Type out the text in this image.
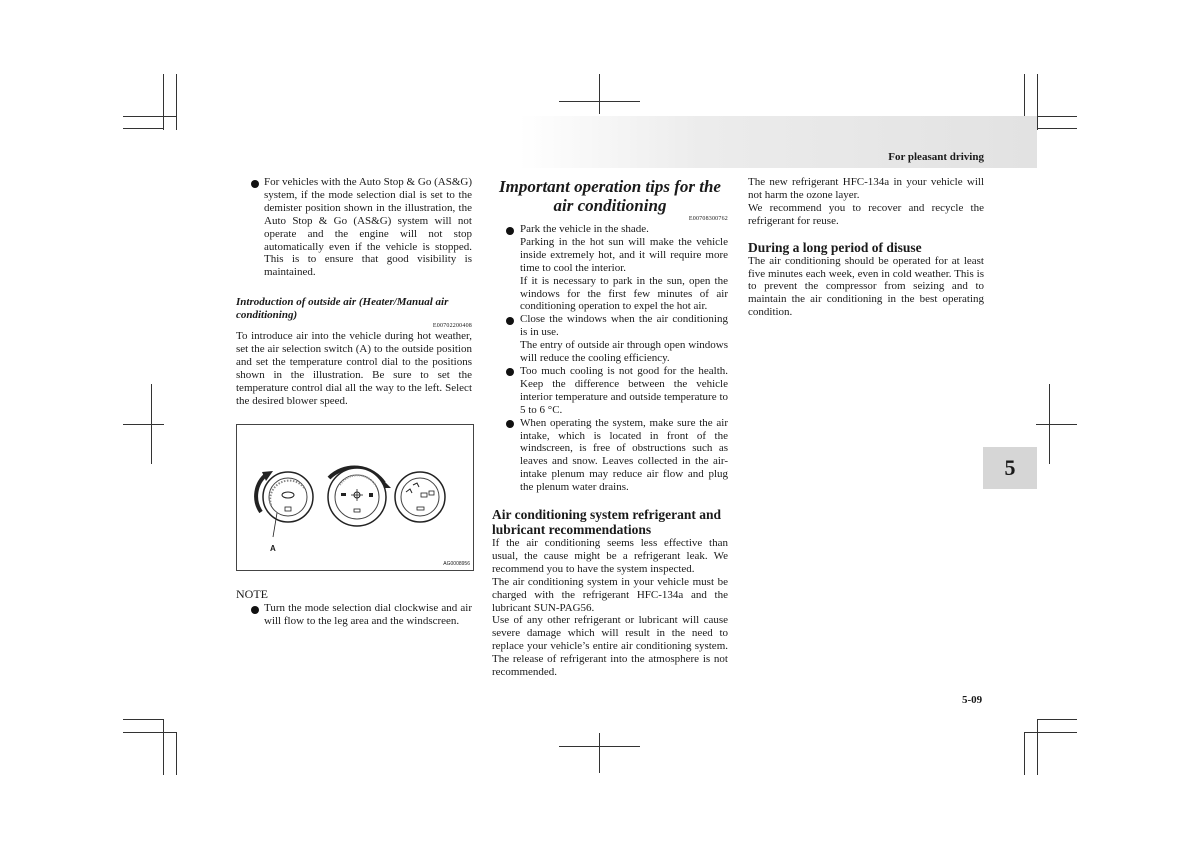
For pleasant driving
5

For vehicles with the Auto Stop & Go (AS&G) system, if the mode selection dial is set to the demister position shown in the illustration, the Auto Stop & Go (AS&G) system will not operate and the engine will not stop automatically even if the vehicle is stopped. This is to ensure that good visibility is maintained.

Introduction of outside air (Heater/Manual air conditioning)

E00702200408

To introduce air into the vehicle during hot weather, set the air selection switch (A) to the outside position and set the temperature control dial to the positions shown in the illustration. Be sure to set the temperature control dial all the way to the left. Select the desired blower speed.

A
AG0008956

NOTE

Turn the mode selection dial clockwise and air will flow to the leg area and the windscreen.

Important operation tips for the air conditioning

E00708300762

Park the vehicle in the shade.

Parking in the hot sun will make the vehicle inside extremely hot, and it will require more time to cool the interior.

If it is necessary to park in the sun, open the windows for the first few minutes of air conditioning operation to expel the hot air.

Close the windows when the air conditioning is in use.

The entry of outside air through open windows will reduce the cooling efficiency.

Too much cooling is not good for the health. Keep the difference between the vehicle interior temperature and outside temperature to 5 to 6 °C.

When operating the system, make sure the air intake, which is located in front of the windscreen, is free of obstructions such as leaves and snow. Leaves collected in the air-intake plenum may reduce air flow and plug the plenum water drains.

Air conditioning system refrigerant and lubricant recommendations

If the air conditioning seems less effective than usual, the cause might be a refrigerant leak. We recommend you to have the system inspected.

The air conditioning system in your vehicle must be charged with the refrigerant HFC-134a and the lubricant SUN-PAG56.

Use of any other refrigerant or lubricant will cause severe damage which will result in the need to replace your vehicle’s entire air conditioning system. The release of refrigerant into the atmosphere is not recommended.

The new refrigerant HFC-134a in your vehicle will not harm the ozone layer.

We recommend you to recover and recycle the refrigerant for reuse.

During a long period of disuse

The air conditioning should be operated for at least five minutes each week, even in cold weather. This is to prevent the compressor from seizing and to maintain the air conditioning in the best operating condition.

5-09
